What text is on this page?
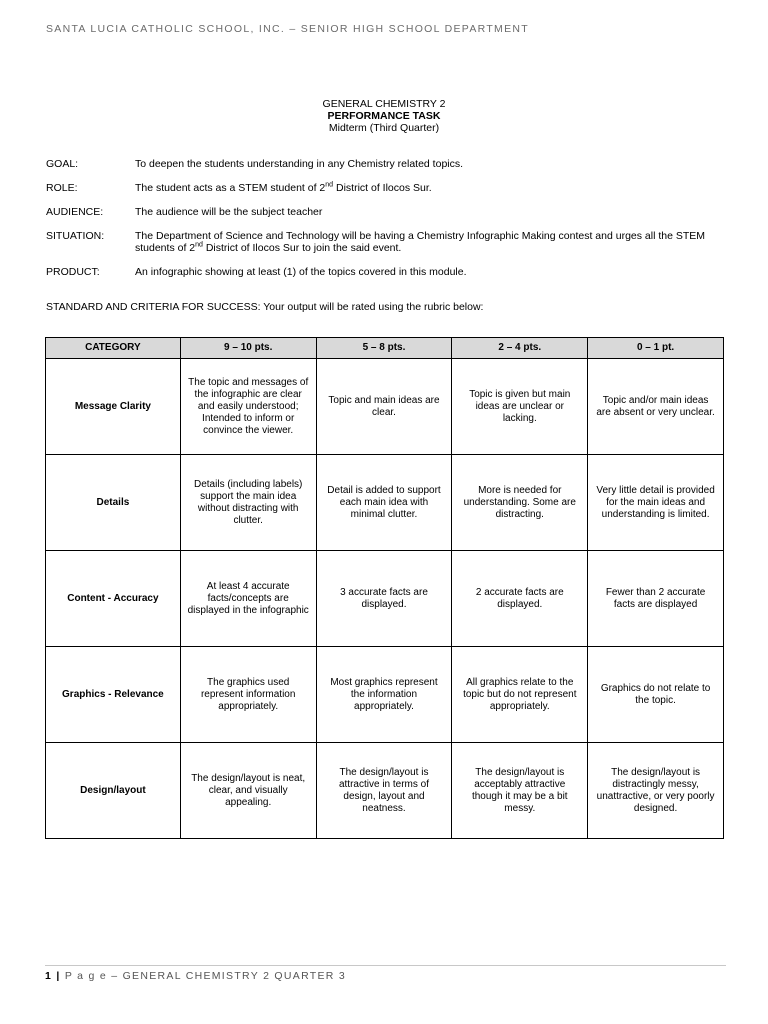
SANTA LUCIA CATHOLIC SCHOOL, INC. – SENIOR HIGH SCHOOL DEPARTMENT
GENERAL CHEMISTRY 2
PERFORMANCE TASK
Midterm (Third Quarter)
GOAL:	To deepen the students understanding in any Chemistry related topics.
ROLE:	The student acts as a STEM student of 2nd District of Ilocos Sur.
AUDIENCE:	The audience will be the subject teacher
SITUATION:	The Department of Science and Technology will be having a Chemistry Infographic Making contest and urges all the STEM students of 2nd District of Ilocos Sur to join the said event.
PRODUCT:	An infographic showing at least (1) of the topics covered in this module.
STANDARD AND CRITERIA FOR SUCCESS: Your output will be rated using the rubric below:
CATEGORY	9 – 10 pts.	5 – 8 pts.	2 – 4 pts.	0 – 1 pt.
Message Clarity	The topic and messages of the infographic are clear and easily understood; Intended to inform or convince the viewer.	Topic and main ideas are clear.	Topic is given but main ideas are unclear or lacking.	Topic and/or main ideas are absent or very unclear.
Details	Details (including labels) support the main idea without distracting with clutter.	Detail is added to support each main idea with minimal clutter.	More is needed for understanding. Some are distracting.	Very little detail is provided for the main ideas and understanding is limited.
Content - Accuracy	At least 4 accurate facts/concepts are displayed in the infographic	3 accurate facts are displayed.	2 accurate facts are displayed.	Fewer than 2 accurate facts are displayed
Graphics - Relevance	The graphics used represent information appropriately.	Most graphics represent the information appropriately.	All graphics relate to the topic but do not represent appropriately.	Graphics do not relate to the topic.
Design/layout	The design/layout is neat, clear, and visually appealing.	The design/layout is attractive in terms of design, layout and neatness.	The design/layout is acceptably attractive though it may be a bit messy.	The design/layout is distractingly messy, unattractive, or very poorly designed.
1 | P a g e – GENERAL CHEMISTRY 2 QUARTER 3
